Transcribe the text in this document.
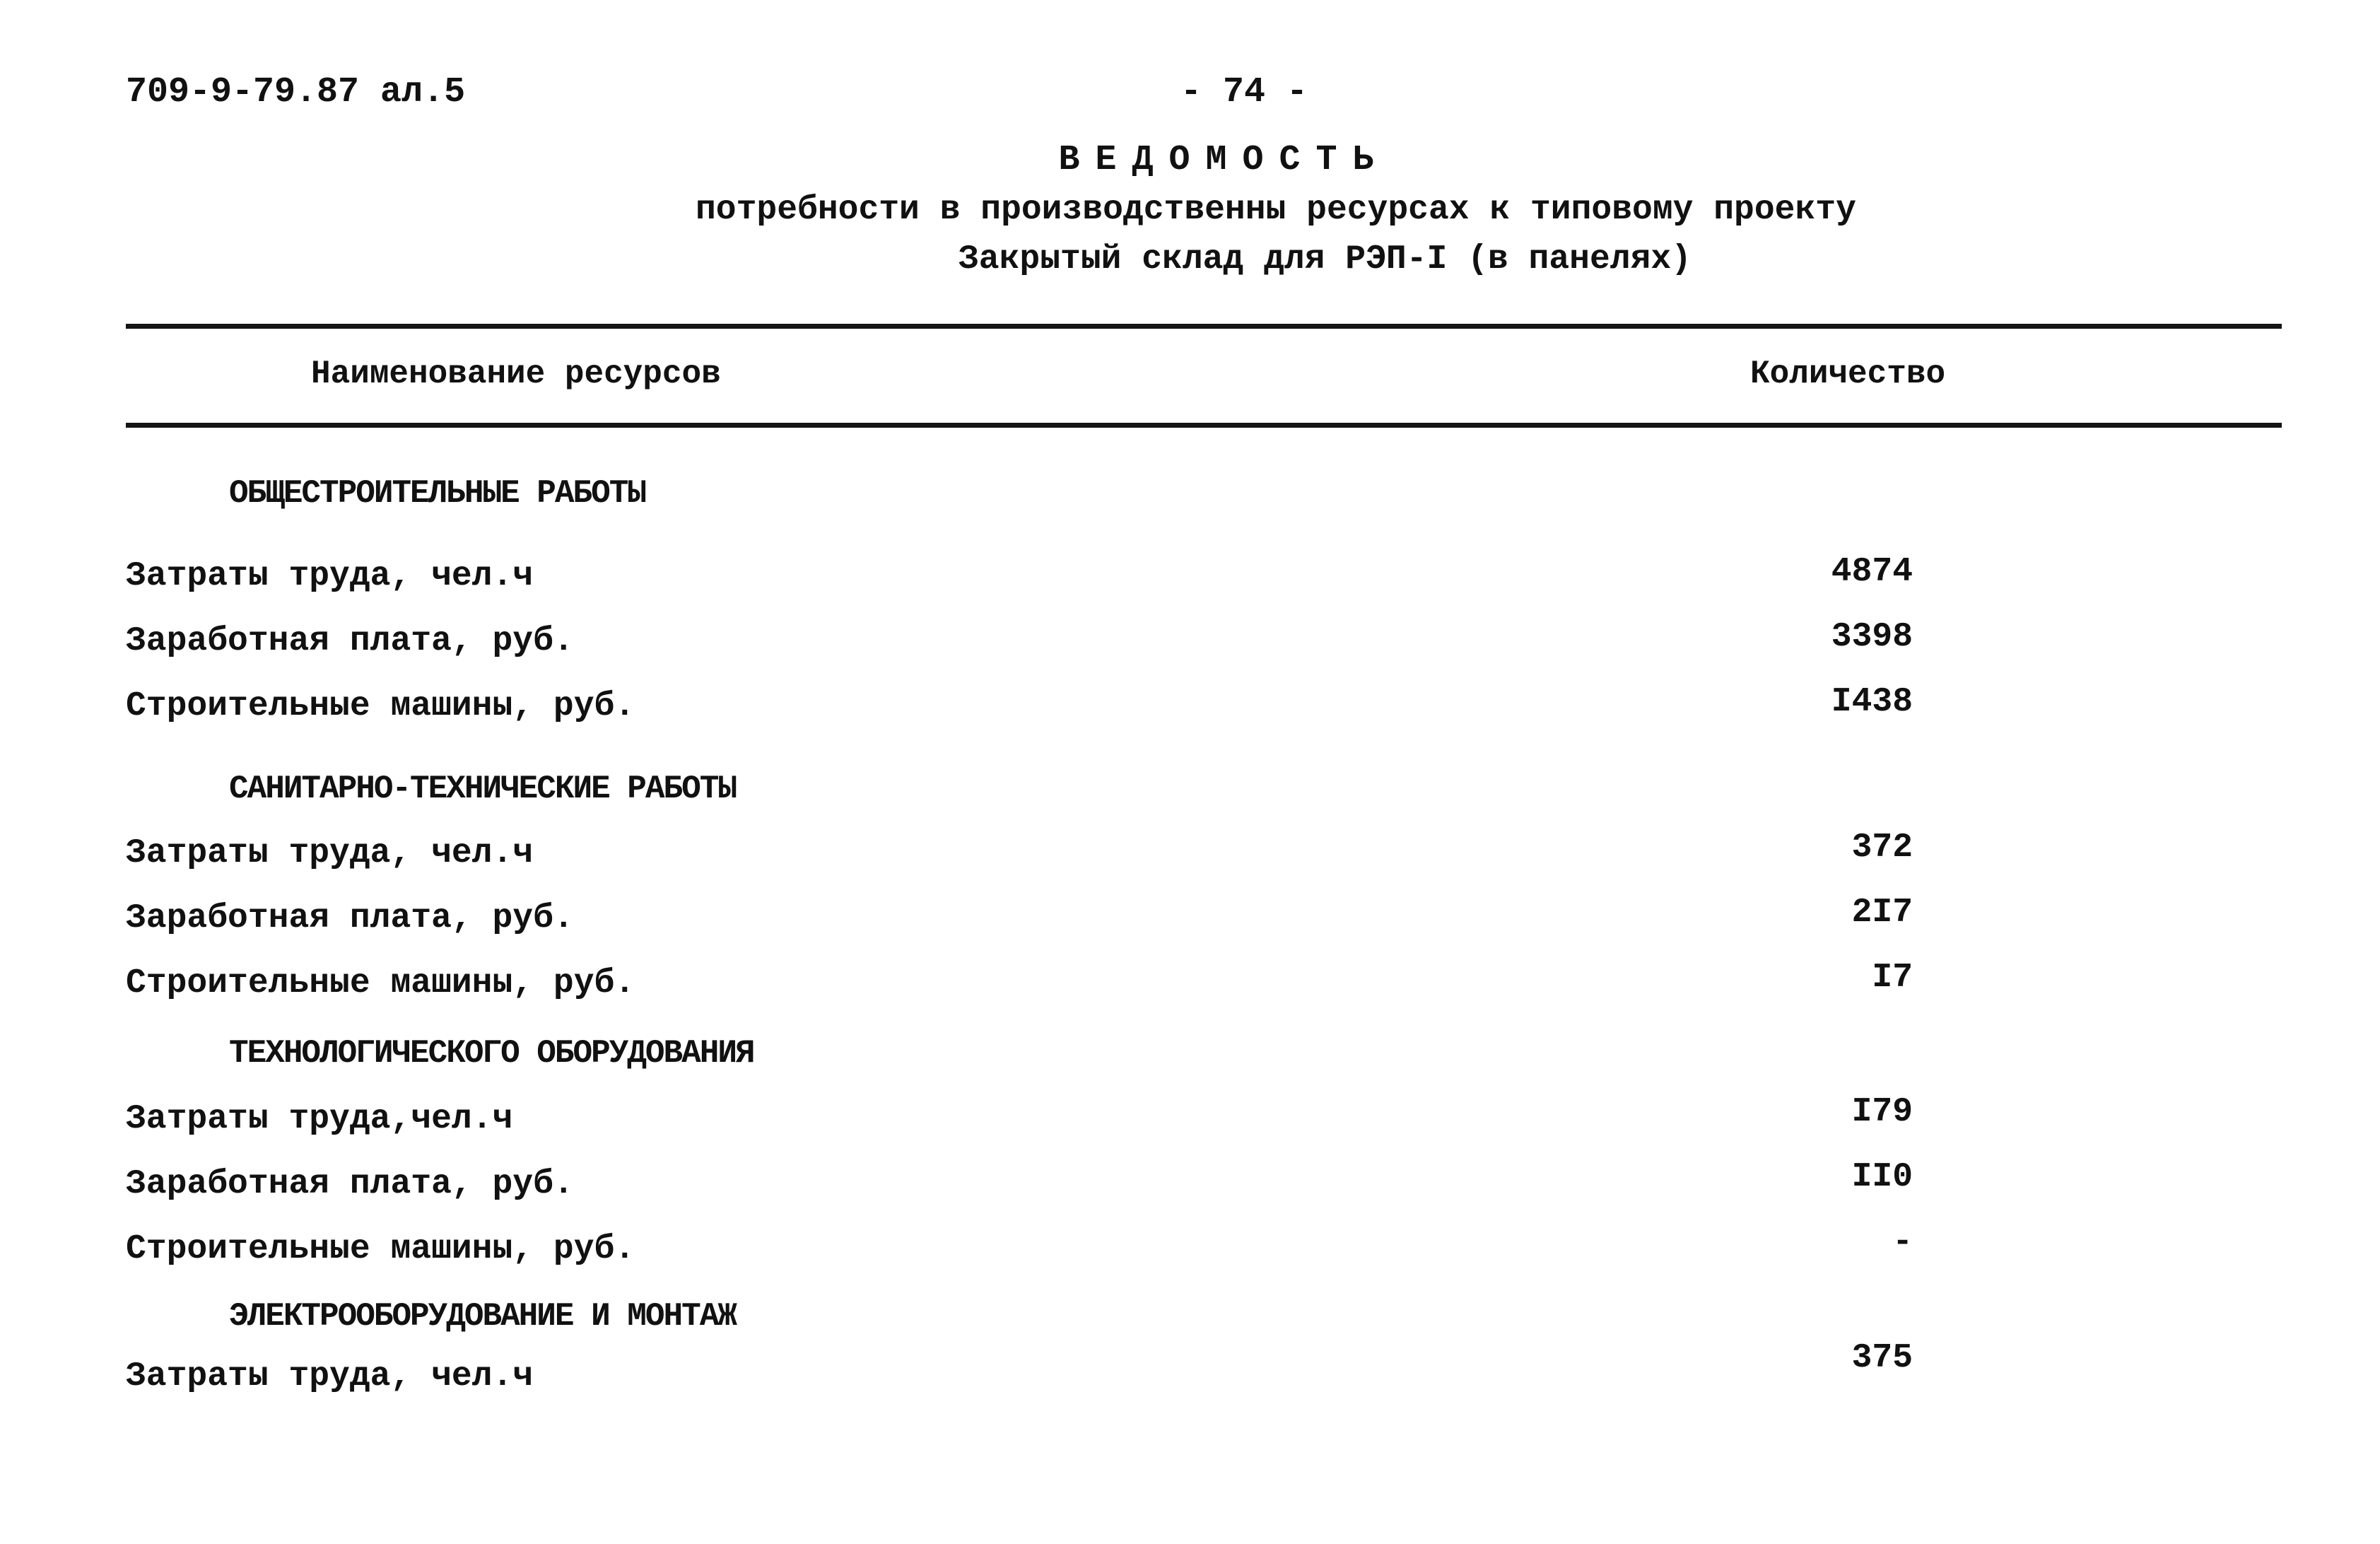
709-9-79.87 ал.5	- 74 -
ВЕДОМОСТЬ
потребности в производственны ресурсах к типовому проекту
Закрытый склад для РЭП-I (в панелях)
Наименование ресурсов	Количество
ОБЩЕСТРОИТЕЛЬНЫЕ РАБОТЫ
Затраты труда, чел.ч	4874
Заработная плата, руб.	3398
Строительные машины, руб.	I438
САНИТАРНО-ТЕХНИЧЕСКИЕ РАБОТЫ
Затраты труда, чел.ч	372
Заработная плата, руб.	2I7
Строительные машины, руб.	I7
ТЕХНОЛОГИЧЕСКОГО ОБОРУДОВАНИЯ
Затраты труда,чел.ч	I79
Заработная плата, руб.	II0
Строительные машины, руб.	-
ЭЛЕКТРООБОРУДОВАНИЕ И МОНТАЖ
Затраты труда, чел.ч	375
